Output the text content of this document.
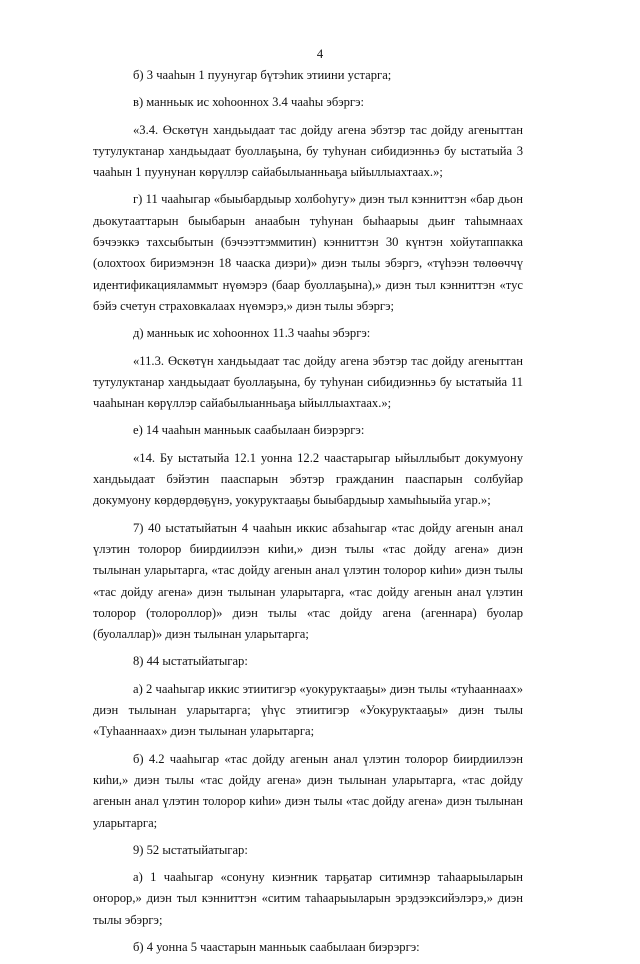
4

б) 3 чааһын 1 пуунугар бүтэһик этиини устарга;

в) манньык ис хоһооннох 3.4 чааһы эбэргэ:

«3.4. Өскөтүн хандьыдаат тас дойду агена эбэтэр тас дойду агеныттан тутулуктанар хандьыдаат буоллаҕына, бу туһунан сибидиэнньэ бу ыстатыйа 3 чааһын 1 пуунунан көрүллэр сайабылыанньаҕа ыйыллыахтаах.»;

г) 11 чааһыгар «быыбардыыр холбоһугу» диэн тыл кэнниттэн «бар дьон дьокутааттарын быыбарын анаабын туһунан быһаарыы дьиҥ таһымнаах бэчээккэ тахсыбытын (бэчээттэммитин) кэнниттэн 30 күнтэн хойутаппакка (олохтоох бириэмэнэн 18 чааска диэри)» диэн тылы эбэргэ, «түһээн төлөөччү идентификацияламмыт нүөмэрэ (баар буоллаҕына),» диэн тыл кэнниттэн «тус бэйэ счетун страховкалаах нүөмэрэ,» диэн тылы эбэргэ;

д) манньык ис хоһооннох 11.3 чааһы эбэргэ:

«11.3. Өскөтүн хандьыдаат тас дойду агена эбэтэр тас дойду агеныттан тутулуктанар хандьыдаат буоллаҕына, бу туһунан сибидиэнньэ бу ыстатыйа 11 чааһынан көрүллэр сайабылыанньаҕа ыйыллыахтаах.»;

е) 14 чааһын манньык саабылаан биэрэргэ:

«14. Бу ыстатыйа 12.1 уонна 12.2 чаастарыгар ыйыллыбыт докумуону хандьыдаат бэйэтин пааспарын эбэтэр гражданин пааспарын солбуйар докумуону көрдөрдөҕүнэ, уокуруктааҕы быыбардыыр хамыһыыйа угар.»;

7) 40 ыстатыйатын 4 чааһын иккис абзаһыгар «тас дойду агенын анал үлэтин толорор биирдиилээн киһи,» диэн тылы «тас дойду агена» диэн тылынан уларытарга, «тас дойду агенын анал үлэтин толорор киһи» диэн тылы «тас дойду агена» диэн тылынан уларытарга, «тас дойду агенын анал үлэтин толорор (толороллор)» диэн тылы «тас дойду агена (агеннара) буолар (буолаллар)» диэн тылынан уларытарга;

8) 44 ыстатыйатыгар:

а) 2 чааһыгар иккис этиитигэр «уокуруктааҕы» диэн тылы «туһааннаах» диэн тылынан уларытарга; үһүс этиитигэр «Уокуруктааҕы» диэн тылы «Туһааннаах» диэн тылынан уларытарга;

б) 4.2 чааһыгар «тас дойду агенын анал үлэтин толорор биирдиилээн киһи,» диэн тылы «тас дойду агена» диэн тылынан уларытарга, «тас дойду агенын анал үлэтин толорор киһи» диэн тылы «тас дойду агена» диэн тылынан уларытарга;

9) 52 ыстатыйатыгар:

а) 1 чааһыгар «сонуну киэҥник тарҕатар ситимнэр таһаарыыларын оҥорор,» диэн тыл кэнниттэн «ситим таһаарыыларын эрэдээксийэлэрэ,» диэн тылы эбэргэ;

б) 4 уонна 5 чаастарын манньык саабылаан биэрэргэ:
